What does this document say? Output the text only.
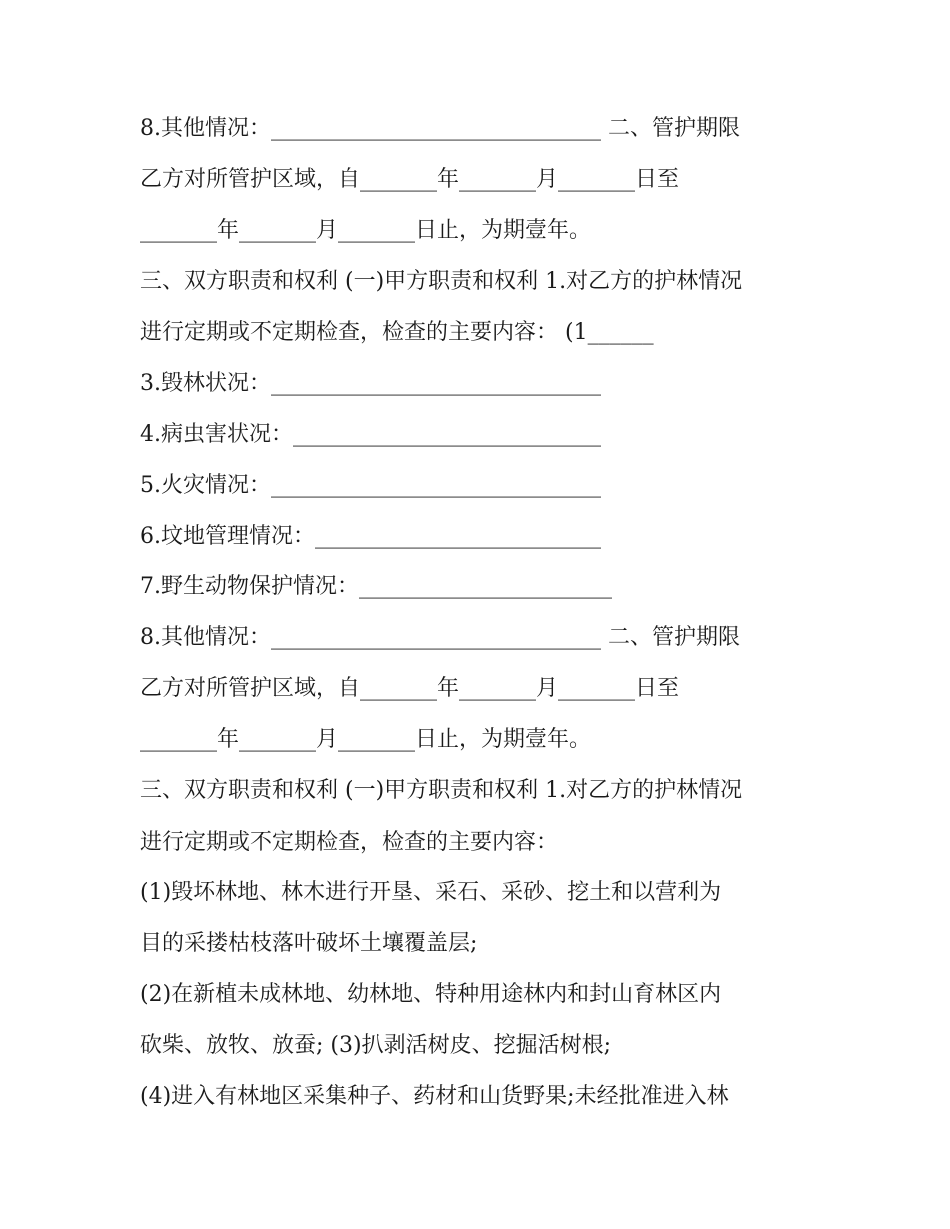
8.其他情况：______________________________ 二、管护期限
乙方对所管护区域，自_______年_______月_______日至
_______年_______月_______日止，为期壹年。
三、双方职责和权利 (一)甲方职责和权利 1.对乙方的护林情况
进行定期或不定期检查，检查的主要内容： (1______
3.毁林状况：______________________________
4.病虫害状况：____________________________
5.火灾情况：______________________________
6.坟地管理情况：__________________________
7.野生动物保护情况：_______________________
8.其他情况：______________________________ 二、管护期限
乙方对所管护区域，自_______年_______月_______日至
_______年_______月_______日止，为期壹年。
三、双方职责和权利 (一)甲方职责和权利 1.对乙方的护林情况
进行定期或不定期检查，检查的主要内容：
(1)毁坏林地、林木进行开垦、采石、采砂、挖土和以营利为
目的采搂枯枝落叶破坏土壤覆盖层;
(2)在新植未成林地、幼林地、特种用途林内和封山育林区内
砍柴、放牧、放蚕; (3)扒剥活树皮、挖掘活树根;
(4)进入有林地区采集种子、药材和山货野果;未经批准进入林
